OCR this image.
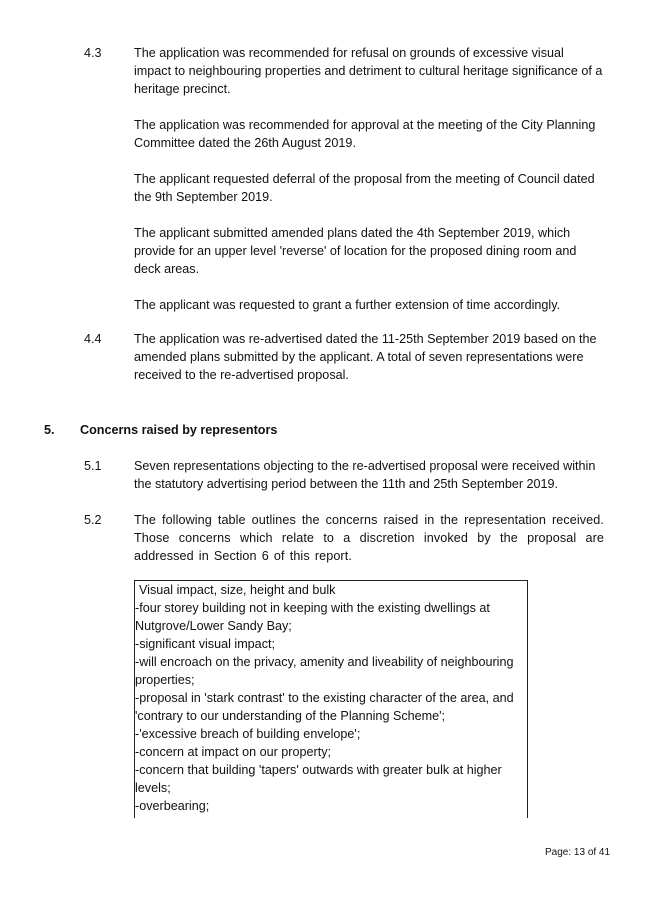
4.3	The application was recommended for refusal on grounds of excessive visual impact to neighbouring properties and detriment to cultural heritage significance of a heritage precinct.

The application was recommended for approval at the meeting of the City Planning Committee dated the 26th August 2019.

The applicant requested deferral of the proposal from the meeting of Council dated the 9th September 2019.

The applicant submitted amended plans dated the 4th September 2019, which provide for an upper level 'reverse' of location for the proposed dining room and deck areas.

The applicant was requested to grant a further extension of time accordingly.

4.4	The application was re-advertised dated the 11-25th September 2019 based on the amended plans submitted by the applicant. A total of seven representations were received to the re-advertised proposal.

5. Concerns raised by representors
5.1	Seven representations objecting to the re-advertised proposal were received within the statutory advertising period between the 11th and 25th September 2019.

5.2	The following table outlines the concerns raised in the representation received. Those concerns which relate to a discretion invoked by the proposal are addressed in Section 6 of this report.

Visual impact, size, height and bulk
-four storey building not in keeping with the existing dwellings at
Nutgrove/Lower Sandy Bay;
-significant visual impact;
-will encroach on the privacy, amenity and liveability of neighbouring
properties;
-proposal in 'stark contrast' to the existing character of the area, and
'contrary to our understanding of the Planning Scheme';
-'excessive breach of building envelope';
-concern at impact on our property;
-concern that building 'tapers' outwards with greater bulk at higher
levels;
-overbearing;
Page: 13 of 41
